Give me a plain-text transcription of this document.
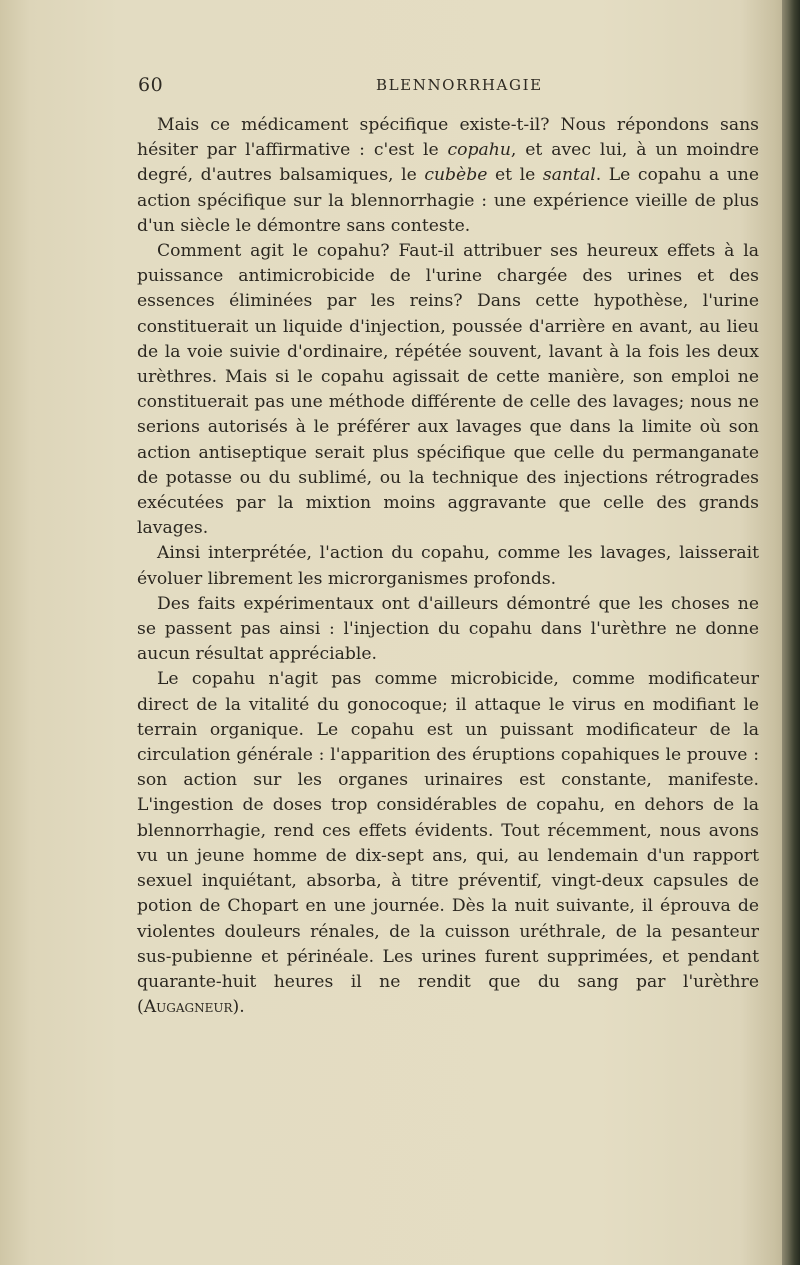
60	BLENNORRHAGIE

Mais ce médicament spécifique existe-t-il? Nous répondons sans hésiter par l'affirmative : c'est le copahu, et avec lui, à un moindre degré, d'autres balsamiques, le cubèbe et le santal. Le copahu a une action spécifique sur la blennorrhagie : une expérience vieille de plus d'un siècle le démontre sans conteste.

Comment agit le copahu? Faut-il attribuer ses heureux effets à la puissance antimicrobicide de l'urine chargée des urines et des essences éliminées par les reins? Dans cette hypothèse, l'urine constituerait un liquide d'injection, poussée d'arrière en avant, au lieu de la voie suivie d'ordinaire, répétée souvent, lavant à la fois les deux urèthres. Mais si le copahu agissait de cette manière, son emploi ne constituerait pas une méthode différente de celle des lavages; nous ne serions autorisés à le préférer aux lavages que dans la limite où son action antiseptique serait plus spécifique que celle du permanganate de potasse ou du sublimé, ou la technique des injections rétrogrades exécutées par la mixtion moins aggravante que celle des grands lavages.

Ainsi interprétée, l'action du copahu, comme les lavages, laisserait évoluer librement les microrganismes profonds.

Des faits expérimentaux ont d'ailleurs démontré que les choses ne se passent pas ainsi : l'injection du copahu dans l'urèthre ne donne aucun résultat appréciable.

Le copahu n'agit pas comme microbicide, comme modificateur direct de la vitalité du gonocoque; il attaque le virus en modifiant le terrain organique. Le copahu est un puissant modificateur de la circulation générale : l'apparition des éruptions copahiques le prouve : son action sur les organes urinaires est constante, manifeste. L'ingestion de doses trop considérables de copahu, en dehors de la blennorrhagie, rend ces effets évidents. Tout récemment, nous avons vu un jeune homme de dix-sept ans, qui, au lendemain d'un rapport sexuel inquiétant, absorba, à titre préventif, vingt-deux capsules de potion de Chopart en une journée. Dès la nuit suivante, il éprouva de violentes douleurs rénales, de la cuisson uréthrale, de la pesanteur sus-pubienne et périnéale. Les urines furent supprimées, et pendant quarante-huit heures il ne rendit que du sang par l'urèthre (Augagneur).
